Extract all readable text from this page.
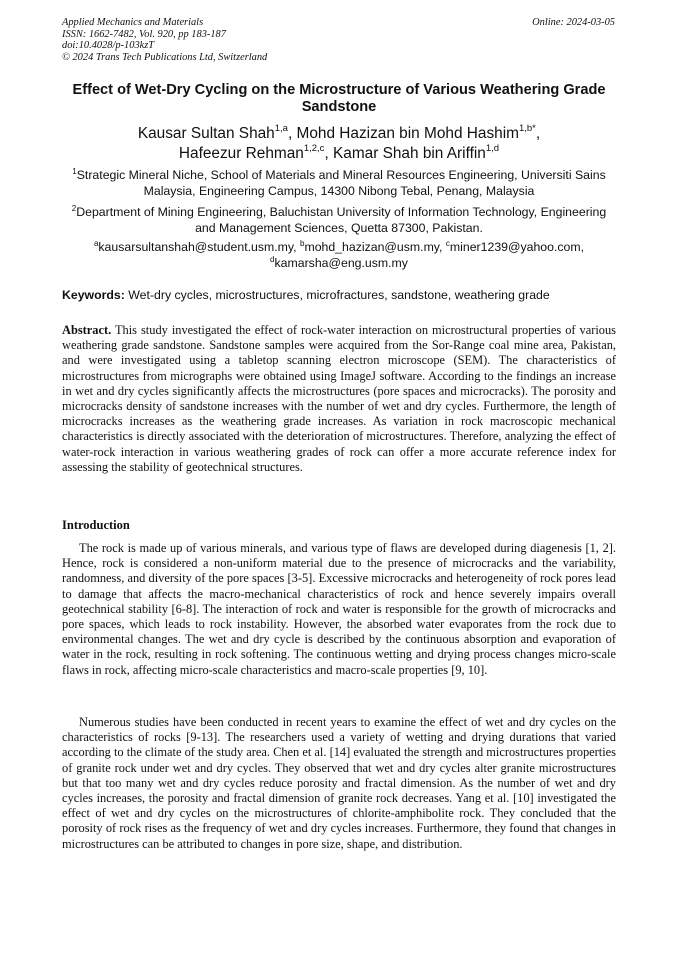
Applied Mechanics and Materials
ISSN: 1662-7482, Vol. 920, pp 183-187
doi:10.4028/p-103kzT
© 2024 Trans Tech Publications Ltd, Switzerland
Online: 2024-03-05
Effect of Wet-Dry Cycling on the Microstructure of Various Weathering Grade Sandstone
Kausar Sultan Shah$^{1,a}$, Mohd Hazizan bin Mohd Hashim$^{1,b*}$,
Hafeezur Rehman$^{1,2,c}$, Kamar Shah bin Ariffin$^{1,d}$
$^1$Strategic Mineral Niche, School of Materials and Mineral Resources Engineering, Universiti Sains Malaysia, Engineering Campus, 14300 Nibong Tebal, Penang, Malaysia
$^2$Department of Mining Engineering, Baluchistan University of Information Technology, Engineering and Management Sciences, Quetta 87300, Pakistan.
$^a$kausarsultanshah@student.usm.my, $^b$mohd_hazizan@usm.my, $^c$miner1239@yahoo.com,
$^d$kamarsha@eng.usm.my
Keywords: Wet-dry cycles, microstructures, microfractures, sandstone, weathering grade
Abstract. This study investigated the effect of rock-water interaction on microstructural properties of various weathering grade sandstone. Sandstone samples were acquired from the Sor-Range coal mine area, Pakistan, and were investigated using a tabletop scanning electron microscope (SEM). The characteristics of microstructures from micrographs were obtained using ImageJ software. According to the findings an increase in wet and dry cycles significantly affects the microstructures (pore spaces and microcracks). The porosity and microcracks density of sandstone increases with the number of wet and dry cycles. Furthermore, the length of microcracks increases as the weathering grade increases. As variation in rock macroscopic mechanical characteristics is directly associated with the deterioration of microstructures. Therefore, analyzing the effect of water-rock interaction in various weathering grades of rock can offer a more accurate reference index for assessing the stability of geotechnical structures.
Introduction

The rock is made up of various minerals, and various type of flaws are developed during diagenesis [1, 2]. Hence, rock is considered a non-uniform material due to the presence of microcracks and the variability, randomness, and diversity of the pore spaces [3-5]. Excessive microcracks and heterogeneity of rock pores lead to damage that affects the macro-mechanical characteristics of rock and hence severely impairs overall geotechnical stability [6-8]. The interaction of rock and water is responsible for the growth of microcracks and pore spaces, which leads to rock instability. However, the absorbed water evaporates from the rock due to environmental changes. The wet and dry cycle is described by the continuous absorption and evaporation of water in the rock, resulting in rock softening. The continuous wetting and drying process changes micro-scale flaws in rock, affecting micro-scale characteristics and macro-scale properties [9, 10].

Numerous studies have been conducted in recent years to examine the effect of wet and dry cycles on the characteristics of rocks [9-13]. The researchers used a variety of wetting and drying durations that varied according to the climate of the study area. Chen et al. [14] evaluated the strength and microstructures properties of granite rock under wet and dry cycles. They observed that wet and dry cycles alter granite microstructures but that too many wet and dry cycles reduce porosity and fractal dimension. As the number of wet and dry cycles increases, the porosity and fractal dimension of granite rock decreases. Yang et al. [10] investigated the effect of wet and dry cycles on the microstructures of chlorite-amphibolite rock. They concluded that the porosity of rock rises as the frequency of wet and dry cycles increases. Furthermore, they found that changes in microstructures can be attributed to changes in pore size, shape, and distribution.
